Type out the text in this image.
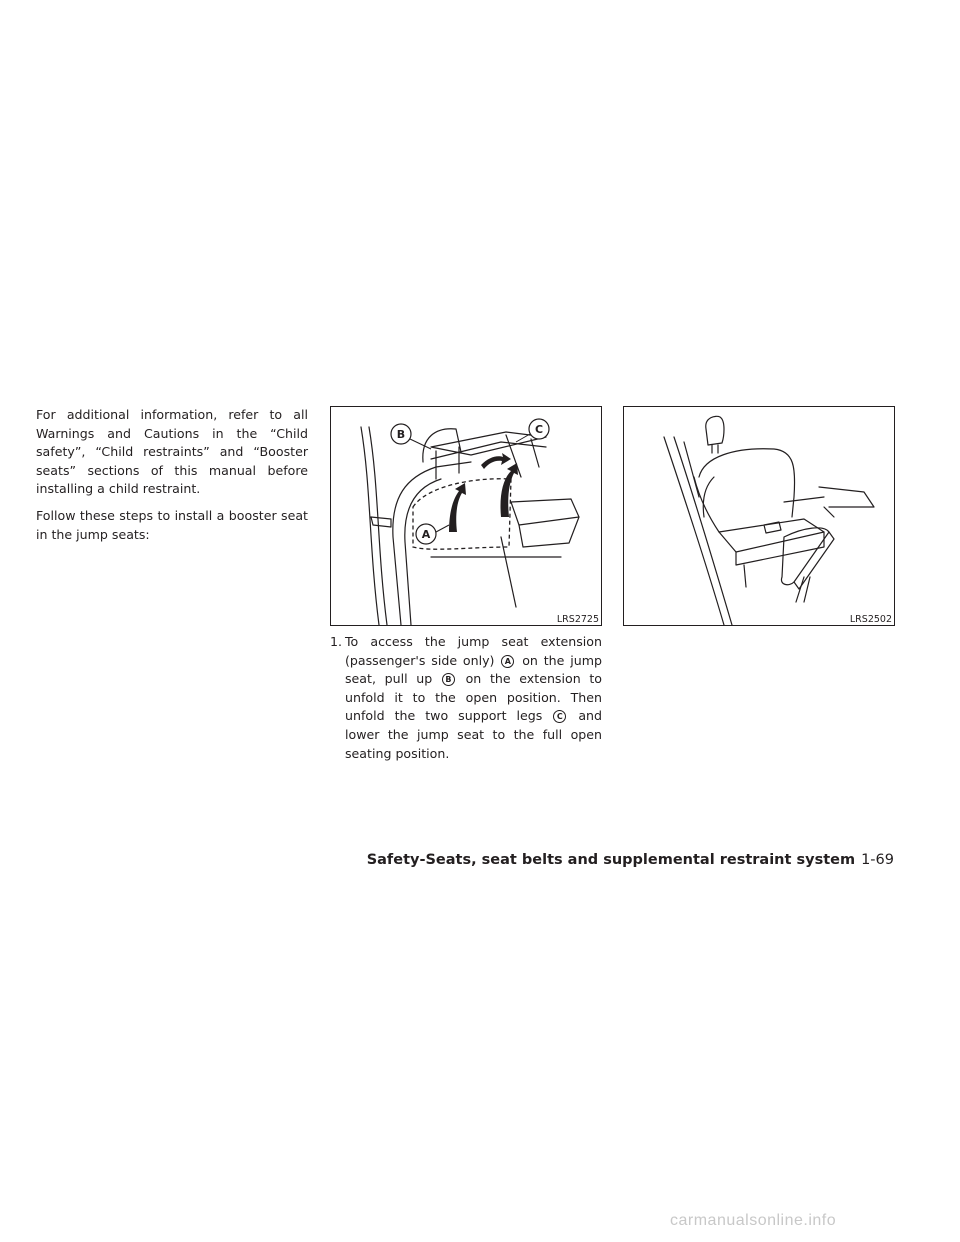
For additional information, refer to all Warnings and Cautions in the “Child safety”, “Child restraints” and “Booster seats” sections of this manual before installing a child restraint.

Follow these steps to install a booster seat in the jump seats:

B	C
A
LRS2725	LRS2502
1. To access the jump seat extension (passenger's side only) A on the jump seat, pull up B on the extension to unfold it to the open position. Then unfold the two support legs C and lower the jump seat to the full open seating position.
Safety-Seats, seat belts and supplemental restraint system 1-69
carmanualsonline.info
